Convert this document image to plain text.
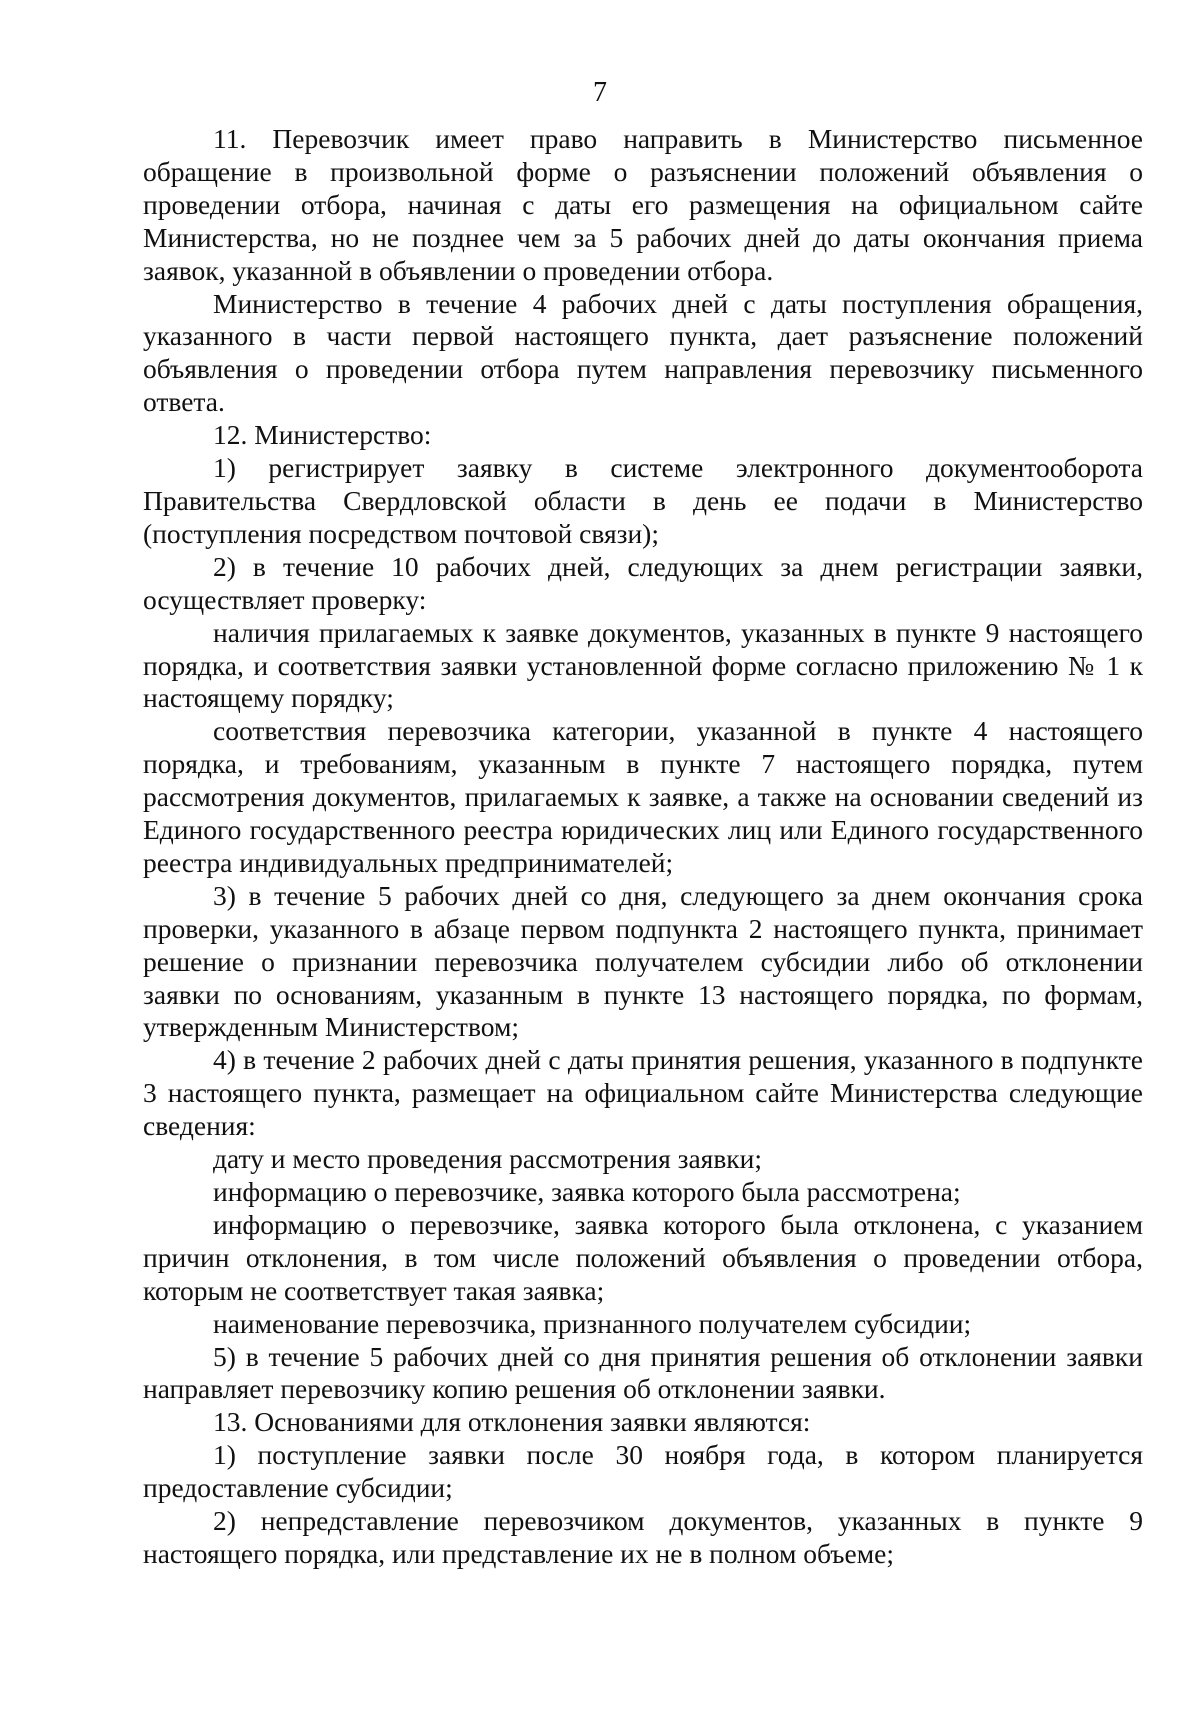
7

11. Перевозчик имеет право направить в Министерство письменное обращение в произвольной форме о разъяснении положений объявления о проведении отбора, начиная с даты его размещения на официальном сайте Министерства, но не позднее чем за 5 рабочих дней до даты окончания приема заявок, указанной в объявлении о проведении отбора.

Министерство в течение 4 рабочих дней с даты поступления обращения, указанного в части первой настоящего пункта, дает разъяснение положений объявления о проведении отбора путем направления перевозчику письменного ответа.

12. Министерство:

1) регистрирует заявку в системе электронного документооборота Правительства Свердловской области в день ее подачи в Министерство (поступления посредством почтовой связи);

2) в течение 10 рабочих дней, следующих за днем регистрации заявки, осуществляет проверку:

наличия прилагаемых к заявке документов, указанных в пункте 9 настоящего порядка, и соответствия заявки установленной форме согласно приложению № 1 к настоящему порядку;

соответствия перевозчика категории, указанной в пункте 4 настоящего порядка, и требованиям, указанным в пункте 7 настоящего порядка, путем рассмотрения документов, прилагаемых к заявке, а также на основании сведений из Единого государственного реестра юридических лиц или Единого государственного реестра индивидуальных предпринимателей;

3) в течение 5 рабочих дней со дня, следующего за днем окончания срока проверки, указанного в абзаце первом подпункта 2 настоящего пункта, принимает решение о признании перевозчика получателем субсидии либо об отклонении заявки по основаниям, указанным в пункте 13 настоящего порядка, по формам, утвержденным Министерством;

4) в течение 2 рабочих дней с даты принятия решения, указанного в подпункте 3 настоящего пункта, размещает на официальном сайте Министерства следующие сведения:

дату и место проведения рассмотрения заявки;

информацию о перевозчике, заявка которого была рассмотрена;

информацию о перевозчике, заявка которого была отклонена, с указанием причин отклонения, в том числе положений объявления о проведении отбора, которым не соответствует такая заявка;

наименование перевозчика, признанного получателем субсидии;

5) в течение 5 рабочих дней со дня принятия решения об отклонении заявки направляет перевозчику копию решения об отклонении заявки.

13. Основаниями для отклонения заявки являются:

1) поступление заявки после 30 ноября года, в котором планируется предоставление субсидии;

2) непредставление перевозчиком документов, указанных в пункте 9 настоящего порядка, или представление их не в полном объеме;
